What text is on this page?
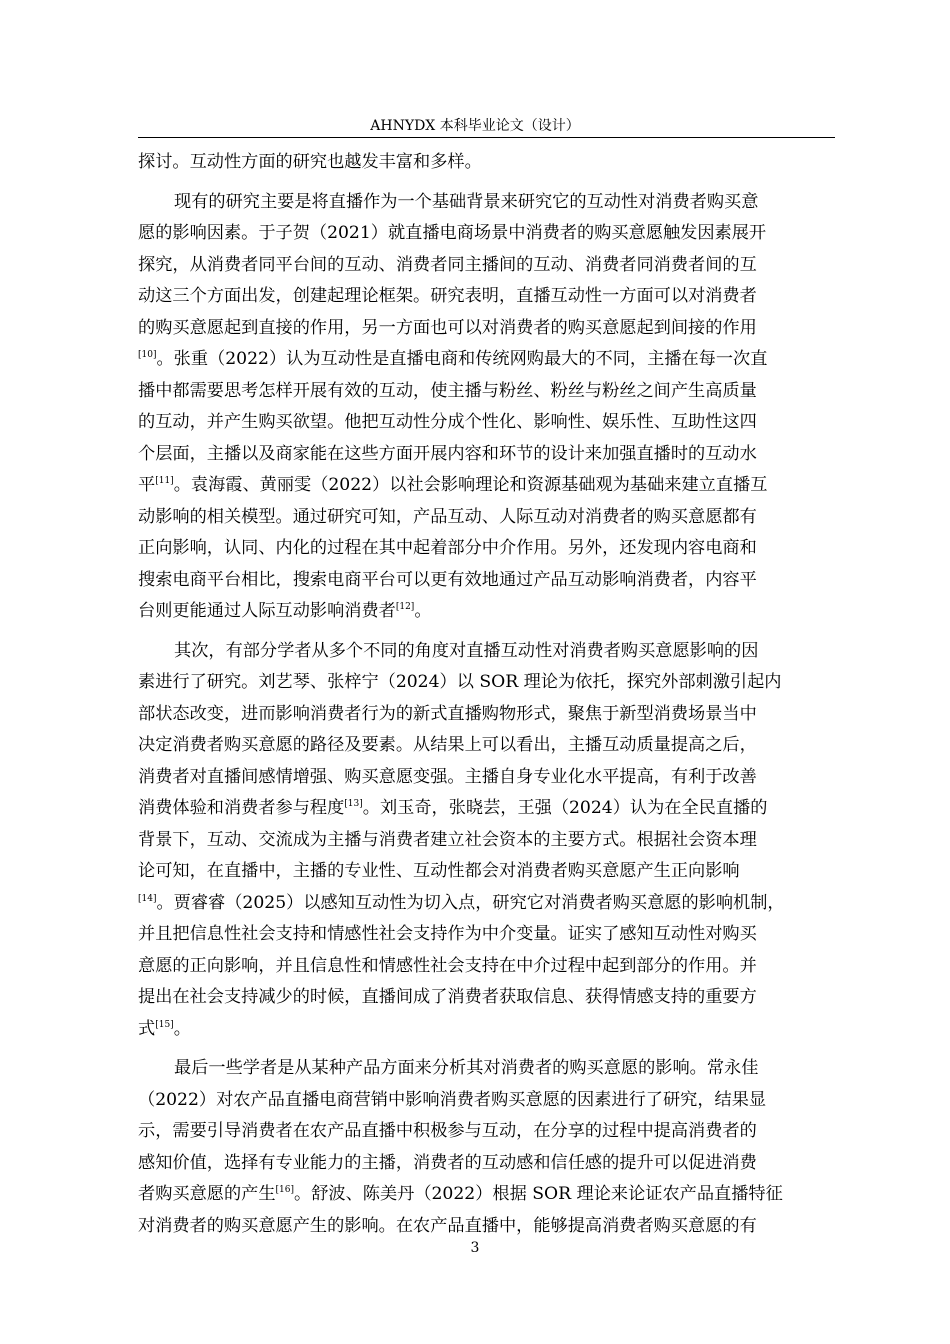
AHNYDX 本科毕业论文（设计）
探讨。互动性方面的研究也越发丰富和多样。
现有的研究主要是将直播作为一个基础背景来研究它的互动性对消费者购买意
愿的影响因素。于子贺（2021）就直播电商场景中消费者的购买意愿触发因素展开
探究，从消费者同平台间的互动、消费者同主播间的互动、消费者同消费者间的互
动这三个方面出发，创建起理论框架。研究表明，直播互动性一方面可以对消费者
的购买意愿起到直接的作用，另一方面也可以对消费者的购买意愿起到间接的作用
[10]。张重（2022）认为互动性是直播电商和传统网购最大的不同，主播在每一次直
播中都需要思考怎样开展有效的互动，使主播与粉丝、粉丝与粉丝之间产生高质量
的互动，并产生购买欲望。他把互动性分成个性化、影响性、娱乐性、互助性这四
个层面，主播以及商家能在这些方面开展内容和环节的设计来加强直播时的互动水
平[11]。袁海霞、黄丽雯（2022）以社会影响理论和资源基础观为基础来建立直播互
动影响的相关模型。通过研究可知，产品互动、人际互动对消费者的购买意愿都有
正向影响，认同、内化的过程在其中起着部分中介作用。另外，还发现内容电商和
搜索电商平台相比，搜索电商平台可以更有效地通过产品互动影响消费者，内容平
台则更能通过人际互动影响消费者[12]。
其次，有部分学者从多个不同的角度对直播互动性对消费者购买意愿影响的因
素进行了研究。刘艺琴、张梓宁（2024）以 SOR 理论为依托，探究外部刺激引起内
部状态改变，进而影响消费者行为的新式直播购物形式，聚焦于新型消费场景当中
决定消费者购买意愿的路径及要素。从结果上可以看出，主播互动质量提高之后，
消费者对直播间感情增强、购买意愿变强。主播自身专业化水平提高，有利于改善
消费体验和消费者参与程度[13]。刘玉奇，张晓芸，王强（2024）认为在全民直播的
背景下，互动、交流成为主播与消费者建立社会资本的主要方式。根据社会资本理
论可知，在直播中，主播的专业性、互动性都会对消费者购买意愿产生正向影响
[14]。贾睿睿（2025）以感知互动性为切入点，研究它对消费者购买意愿的影响机制，
并且把信息性社会支持和情感性社会支持作为中介变量。证实了感知互动性对购买
意愿的正向影响，并且信息性和情感性社会支持在中介过程中起到部分的作用。并
提出在社会支持减少的时候，直播间成了消费者获取信息、获得情感支持的重要方
式[15]。
最后一些学者是从某种产品方面来分析其对消费者的购买意愿的影响。常永佳
（2022）对农产品直播电商营销中影响消费者购买意愿的因素进行了研究，结果显
示，需要引导消费者在农产品直播中积极参与互动，在分享的过程中提高消费者的
感知价值，选择有专业能力的主播，消费者的互动感和信任感的提升可以促进消费
者购买意愿的产生[16]。舒波、陈美丹（2022）根据 SOR 理论来论证农产品直播特征
对消费者的购买意愿产生的影响。在农产品直播中，能够提高消费者购买意愿的有
3
